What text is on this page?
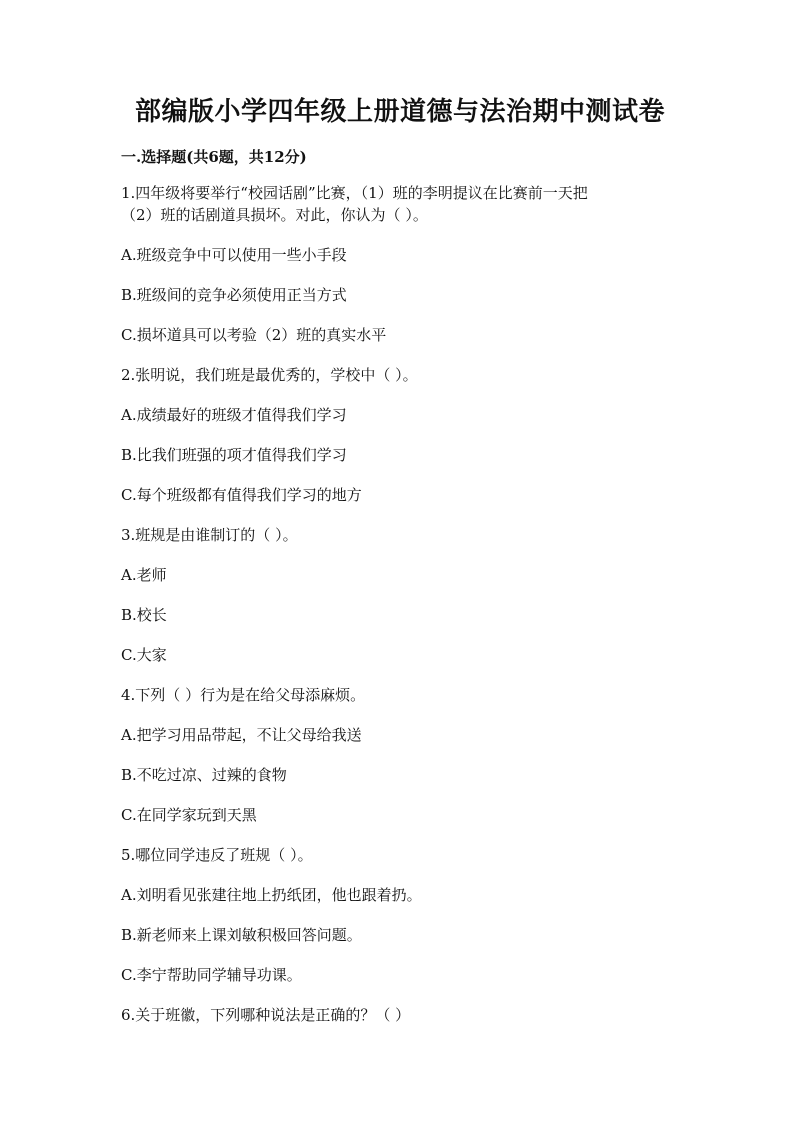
部编版小学四年级上册道德与法治期中测试卷
一.选择题(共6题，共12分)

1.四年级将要举行“校园话剧”比赛，（1）班的李明提议在比赛前一天把

（2）班的话剧道具损坏。对此，你认为（ ）。

A.班级竞争中可以使用一些小手段

B.班级间的竞争必须使用正当方式

C.损坏道具可以考验（2）班的真实水平

2.张明说，我们班是最优秀的，学校中（ ）。

A.成绩最好的班级才值得我们学习

B.比我们班强的项才值得我们学习

C.每个班级都有值得我们学习的地方

3.班规是由谁制订的（ ）。

A.老师

B.校长

C.大家

4.下列（ ）行为是在给父母添麻烦。

A.把学习用品带起，不让父母给我送

B.不吃过凉、过辣的食物

C.在同学家玩到天黑

5.哪位同学违反了班规（ ）。

A.刘明看见张建往地上扔纸团，他也跟着扔。

B.新老师来上课刘敏积极回答问题。

C.李宁帮助同学辅导功课。

6.关于班徽，下列哪种说法是正确的？（ ）
